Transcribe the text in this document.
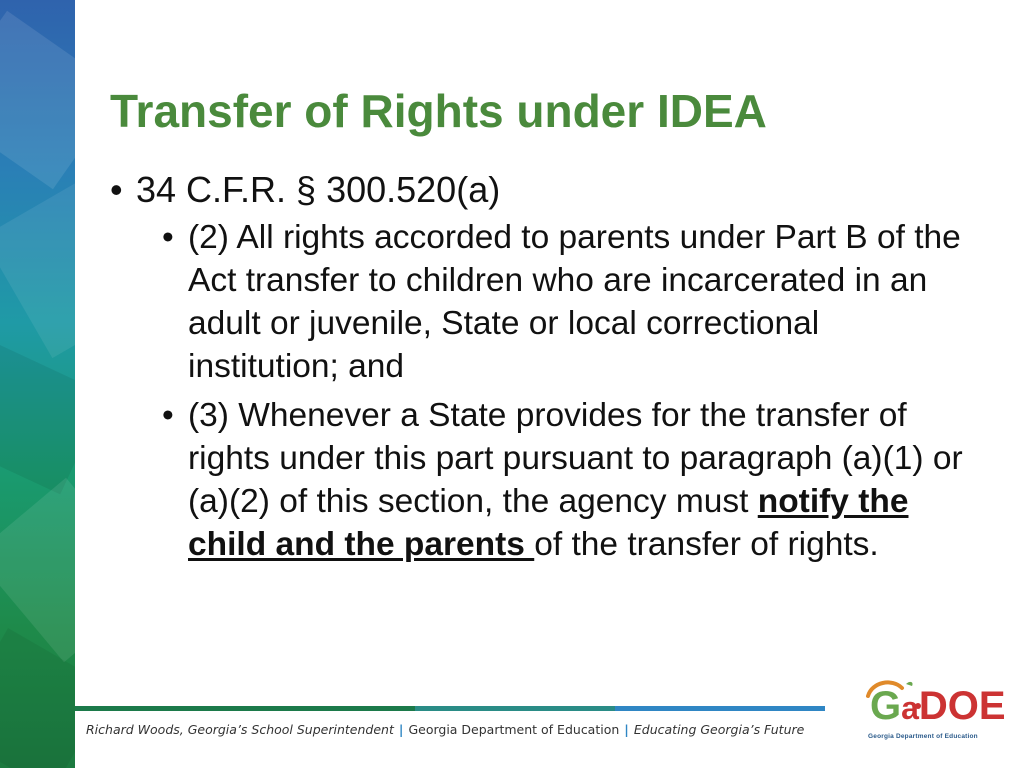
Transfer of Rights under IDEA

• 34 C.F.R. § 300.520(a)

• (2) All rights accorded to parents under Part B of the Act transfer to children who are incarcerated in an adult or juvenile, State or local correctional institution; and

• (3) Whenever a State provides for the transfer of rights under this part pursuant to paragraph (a)(1) or (a)(2) of this section, the agency must notify the child and the parents of the transfer of rights.

Richard Woods, Georgia’s School Superintendent | Georgia Department of Education | Educating Georgia’s Future
GaDOE
Georgia Department of Education
